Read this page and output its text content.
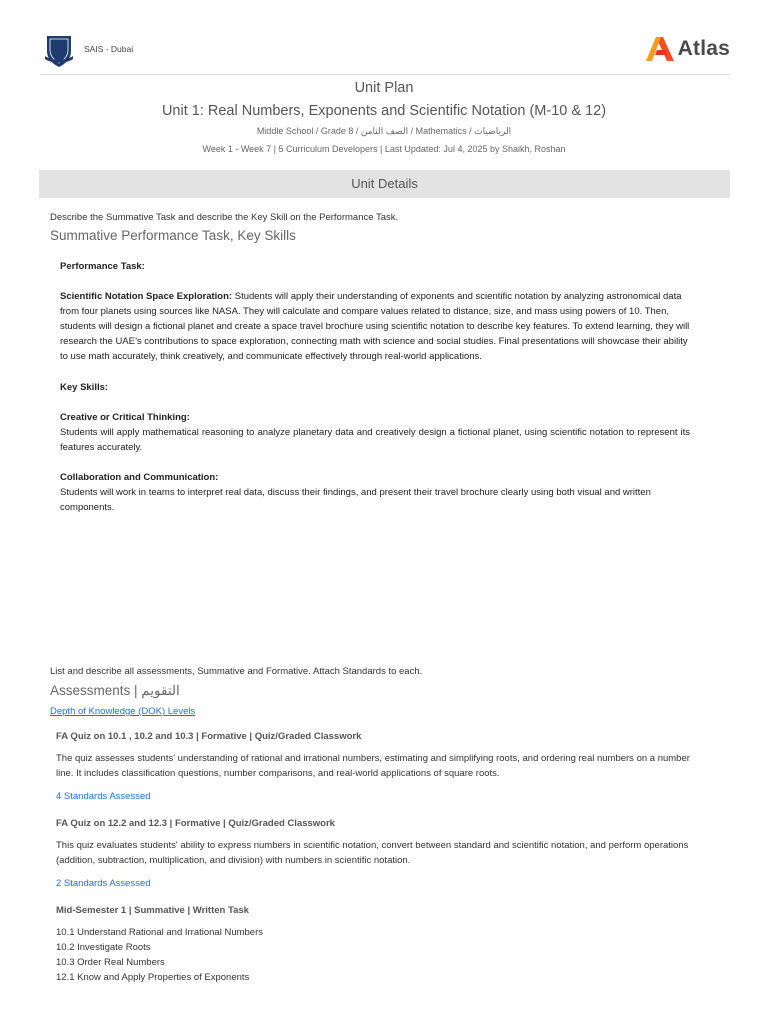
SAIS - Dubai	Atlas
Unit Plan
Unit 1: Real Numbers, Exponents and Scientific Notation (M-10 & 12)
Middle School / Grade 8 / الصف الثامن / Mathematics / الرياضيات
Week 1 - Week 7 | 5 Curriculum Developers | Last Updated: Jul 4, 2025 by Shaikh, Roshan
Unit Details

Describe the Summative Task and describe the Key Skill on the Performance Task.

Summative Performance Task, Key Skills

Performance Task:

Scientific Notation Space Exploration: Students will apply their understanding of exponents and scientific notation by analyzing astronomical data from four planets using sources like NASA. They will calculate and compare values related to distance, size, and mass using powers of 10. Then, students will design a fictional planet and create a space travel brochure using scientific notation to describe key features. To extend learning, they will research the UAE’s contributions to space exploration, connecting math with science and social studies. Final presentations will showcase their ability to use math accurately, think creatively, and communicate effectively through real-world applications.

Key Skills:

Creative or Critical Thinking:

Students will apply mathematical reasoning to analyze planetary data and creatively design a fictional planet, using scientific notation to represent its features accurately.

Collaboration and Communication:

Students will work in teams to interpret real data, discuss their findings, and present their travel brochure clearly using both visual and written components.

List and describe all assessments, Summative and Formative. Attach Standards to each.

Assessments | التقويم
Depth of Knowledge (DOK) Levels
FA Quiz on 10.1 , 10.2 and 10.3 | Formative | Quiz/Graded Classwork

The quiz assesses students' understanding of rational and irrational numbers, estimating and simplifying roots, and ordering real numbers on a number line. It includes classification questions, number comparisons, and real-world applications of square roots.

4 Standards Assessed
FA Quiz on 12.2 and 12.3 | Formative | Quiz/Graded Classwork

This quiz evaluates students' ability to express numbers in scientific notation, convert between standard and scientific notation, and perform operations (addition, subtraction, multiplication, and division) with numbers in scientific notation.

2 Standards Assessed
Mid-Semester 1 | Summative | Written Task
10.1 Understand Rational and Irrational Numbers
10.2 Investigate Roots
10.3 Order Real Numbers
12.1 Know and Apply Properties of Exponents
